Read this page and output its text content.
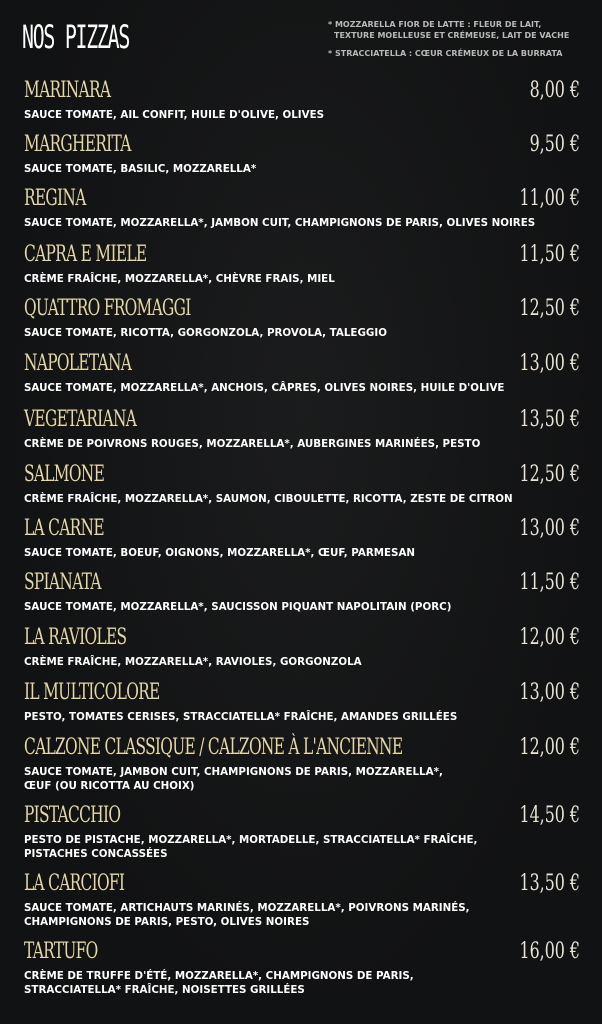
NOS PIZZAS	* MOZZARELLA FIOR DE LATTE : FLEUR DE LAIT,
TEXTURE MOELLEUSE ET CRÉMEUSE, LAIT DE VACHE
* STRACCIATELLA : CŒUR CRÉMEUX DE LA BURRATA
MARINARA	8,00 €
SAUCE TOMATE, AIL CONFIT, HUILE D'OLIVE, OLIVES
MARGHERITA	9,50 €
SAUCE TOMATE, BASILIC, MOZZARELLA*
REGINA	11,00 €
SAUCE TOMATE, MOZZARELLA*, JAMBON CUIT, CHAMPIGNONS DE PARIS, OLIVES NOIRES
CAPRA E MIELE	11,50 €
CRÈME FRAÎCHE, MOZZARELLA*, CHÈVRE FRAIS, MIEL
QUATTRO FROMAGGI	12,50 €
SAUCE TOMATE, RICOTTA, GORGONZOLA, PROVOLA, TALEGGIO
NAPOLETANA	13,00 €
SAUCE TOMATE, MOZZARELLA*, ANCHOIS, CÂPRES, OLIVES NOIRES, HUILE D'OLIVE
VEGETARIANA	13,50 €
CRÈME DE POIVRONS ROUGES, MOZZARELLA*, AUBERGINES MARINÉES, PESTO
SALMONE	12,50 €
CRÈME FRAÎCHE, MOZZARELLA*, SAUMON, CIBOULETTE, RICOTTA, ZESTE DE CITRON
LA CARNE	13,00 €
SAUCE TOMATE, BOEUF, OIGNONS, MOZZARELLA*, ŒUF, PARMESAN
SPIANATA	11,50 €
SAUCE TOMATE, MOZZARELLA*, SAUCISSON PIQUANT NAPOLITAIN (PORC)
LA RAVIOLES	12,00 €
CRÈME FRAÎCHE, MOZZARELLA*, RAVIOLES, GORGONZOLA
IL MULTICOLORE	13,00 €
PESTO, TOMATES CERISES, STRACCIATELLA* FRAÎCHE, AMANDES GRILLÉES
CALZONE CLASSIQUE / CALZONE À L'ANCIENNE	12,00 €
SAUCE TOMATE, JAMBON CUIT, CHAMPIGNONS DE PARIS, MOZZARELLA*,
ŒUF (OU RICOTTA AU CHOIX)
PISTACCHIO	14,50 €
PESTO DE PISTACHE, MOZZARELLA*, MORTADELLE, STRACCIATELLA* FRAÎCHE,
PISTACHES CONCASSÉES
LA CARCIOFI	13,50 €
SAUCE TOMATE, ARTICHAUTS MARINÉS, MOZZARELLA*, POIVRONS MARINÉS,
CHAMPIGNONS DE PARIS, PESTO, OLIVES NOIRES
TARTUFO	16,00 €
CRÈME DE TRUFFE D'ÉTÉ, MOZZARELLA*, CHAMPIGNONS DE PARIS,
STRACCIATELLA* FRAÎCHE, NOISETTES GRILLÉES
